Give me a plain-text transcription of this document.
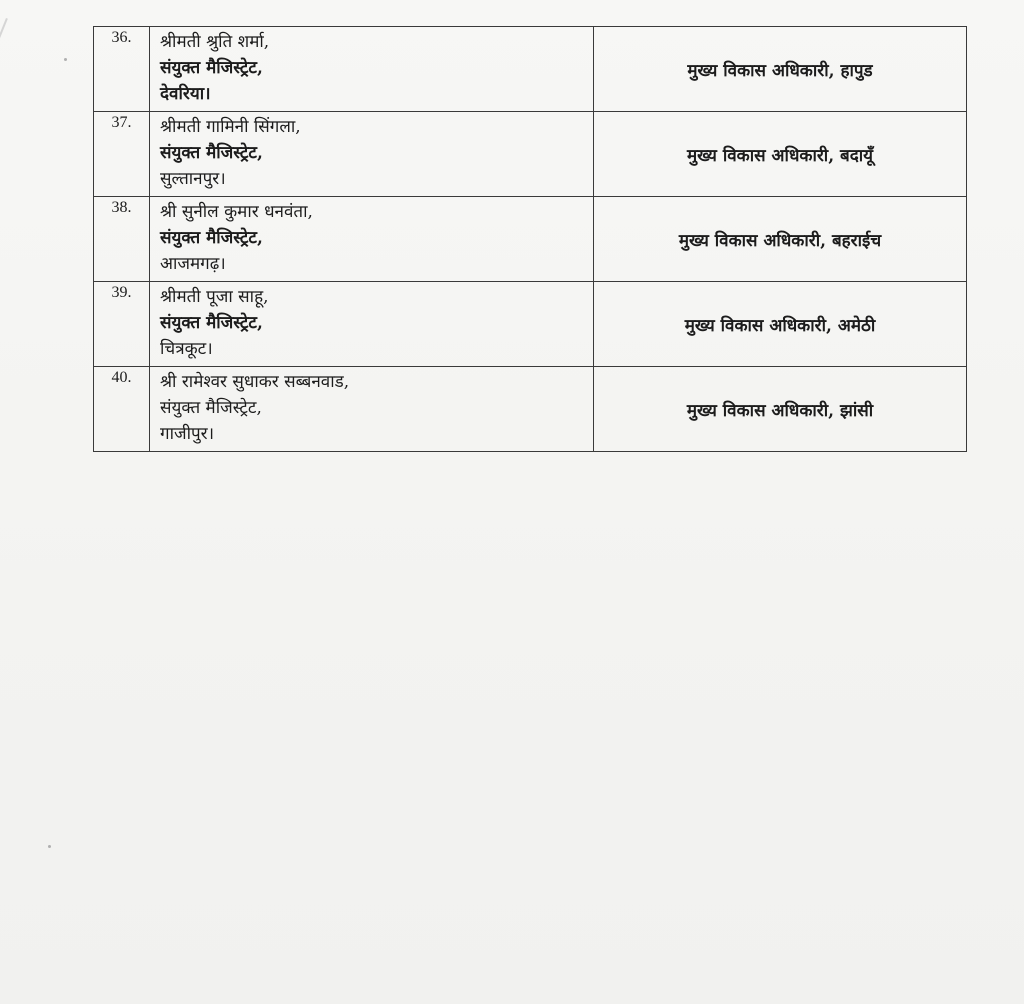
36.	श्रीमती श्रुति शर्मा,
संयुक्त मैजिस्ट्रेट,
देवरिया।	मुख्य विकास अधिकारी, हापुड
37.	श्रीमती गामिनी सिंगला,
संयुक्त मैजिस्ट्रेट,
सुल्तानपुर।	मुख्य विकास अधिकारी, बदायूँ
38.	श्री सुनील कुमार धनवंता,
संयुक्त मैजिस्ट्रेट,
आजमगढ़।	मुख्य विकास अधिकारी, बहराईच
39.	श्रीमती पूजा साहू,
संयुक्त मैजिस्ट्रेट,
चित्रकूट।	मुख्य विकास अधिकारी, अमेठी
40.	श्री रामेश्वर सुधाकर सब्बनवाड,
संयुक्त मैजिस्ट्रेट,
गाजीपुर।	मुख्य विकास अधिकारी, झांसी
